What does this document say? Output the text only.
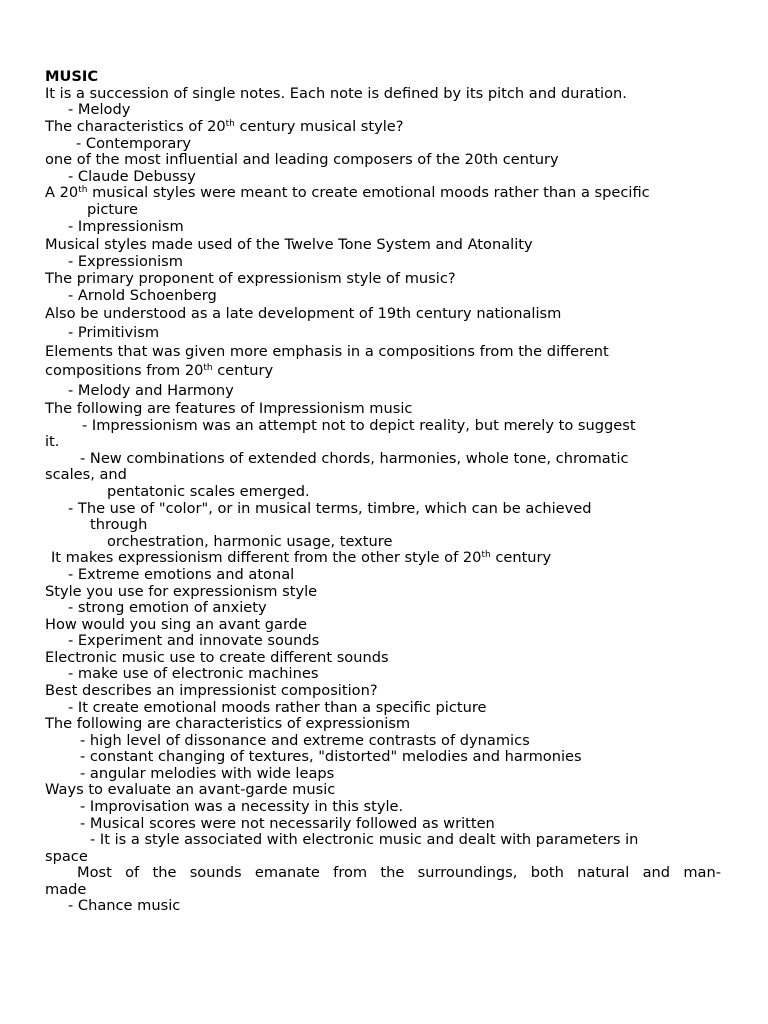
MUSIC
It is a succession of single notes. Each note is defined by its pitch and duration.
- Melody
The characteristics of 20th century musical style?
- Contemporary
one of the most influential and leading composers of the 20th century
- Claude Debussy
A 20th musical styles were meant to create emotional moods rather than a specific
picture
- Impressionism
Musical styles made used of the Twelve Tone System and Atonality
- Expressionism
The primary proponent of expressionism style of music?
- Arnold Schoenberg
Also be understood as a late development of 19th century nationalism
- Primitivism
Elements that was given more emphasis in a compositions from the different
compositions from 20th century
- Melody and Harmony
The following are features of Impressionism music
- Impressionism was an attempt not to depict reality, but merely to suggest
it.
- New combinations of extended chords, harmonies, whole tone, chromatic
scales, and
pentatonic scales emerged.
- The use of "color", or in musical terms, timbre, which can be achieved
through
orchestration, harmonic usage, texture
It makes expressionism different from the other style of 20th century
- Extreme emotions and atonal
Style you use for expressionism style
- strong emotion of anxiety
How would you sing an avant garde
- Experiment and innovate sounds
Electronic music use to create different sounds
- make use of electronic machines
Best describes an impressionist composition?
- It create emotional moods rather than a specific picture
The following are characteristics of expressionism
- high level of dissonance and extreme contrasts of dynamics
- constant changing of textures, "distorted" melodies and harmonies
- angular melodies with wide leaps
Ways to evaluate an avant-garde music
- Improvisation was a necessity in this style.
- Musical scores were not necessarily followed as written
- It is a style associated with electronic music and dealt with parameters in
space
Most of the sounds emanate from the surroundings, both natural and man-
made
- Chance music
